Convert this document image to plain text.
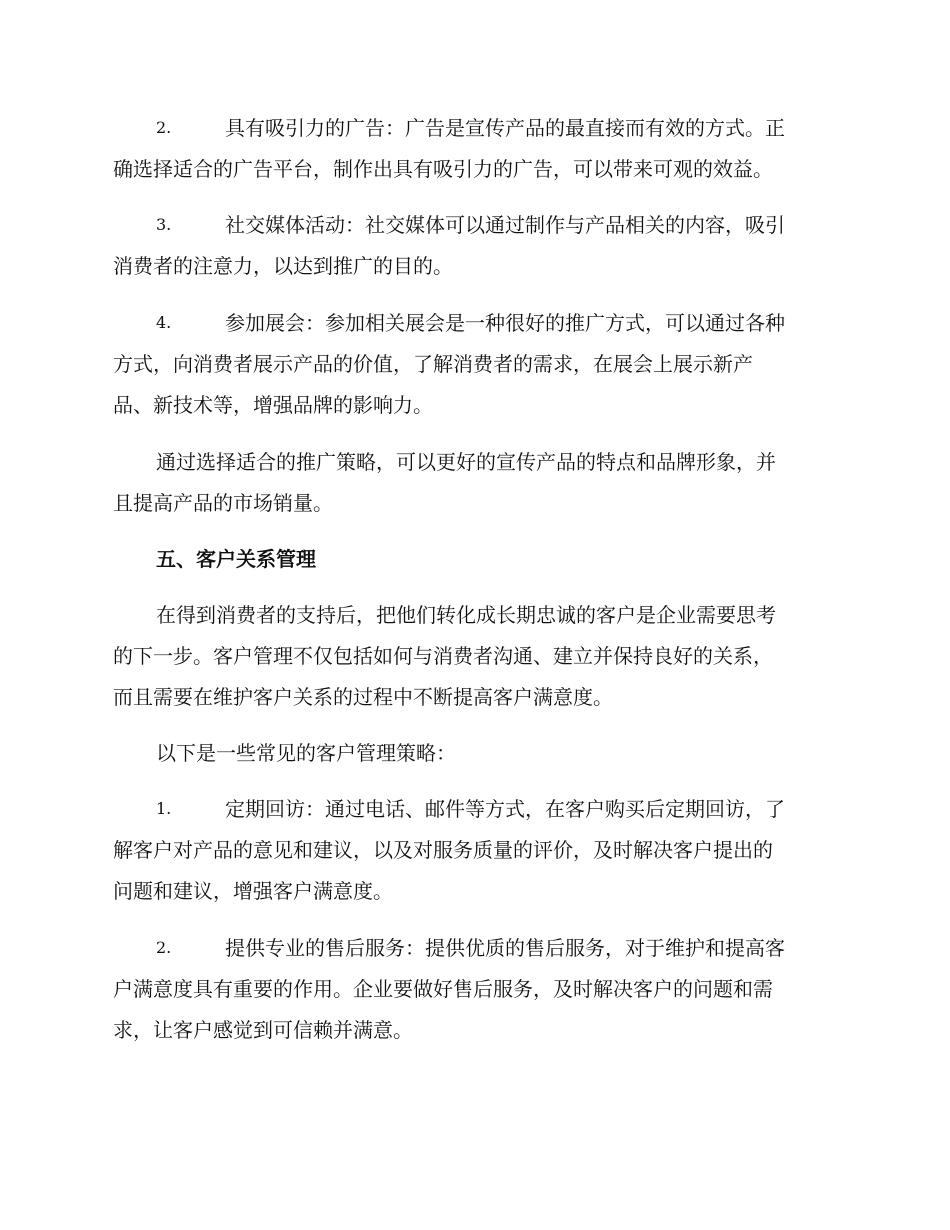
2.	具有吸引力的广告：广告是宣传产品的最直接而有效的方式。正
确选择适合的广告平台，制作出具有吸引力的广告，可以带来可观的效益。
3.	社交媒体活动：社交媒体可以通过制作与产品相关的内容，吸引
消费者的注意力，以达到推广的目的。
4.	参加展会：参加相关展会是一种很好的推广方式，可以通过各种
方式，向消费者展示产品的价值，了解消费者的需求，在展会上展示新产
品、新技术等，增强品牌的影响力。
通过选择适合的推广策略，可以更好的宣传产品的特点和品牌形象，并
且提高产品的市场销量。
五、客户关系管理
在得到消费者的支持后，把他们转化成长期忠诚的客户是企业需要思考
的下一步。客户管理不仅包括如何与消费者沟通、建立并保持良好的关系，
而且需要在维护客户关系的过程中不断提高客户满意度。
以下是一些常见的客户管理策略：
1.	定期回访：通过电话、邮件等方式，在客户购买后定期回访，了
解客户对产品的意见和建议，以及对服务质量的评价，及时解决客户提出的
问题和建议，增强客户满意度。
2.	提供专业的售后服务：提供优质的售后服务，对于维护和提高客
户满意度具有重要的作用。企业要做好售后服务，及时解决客户的问题和需
求，让客户感觉到可信赖并满意。
